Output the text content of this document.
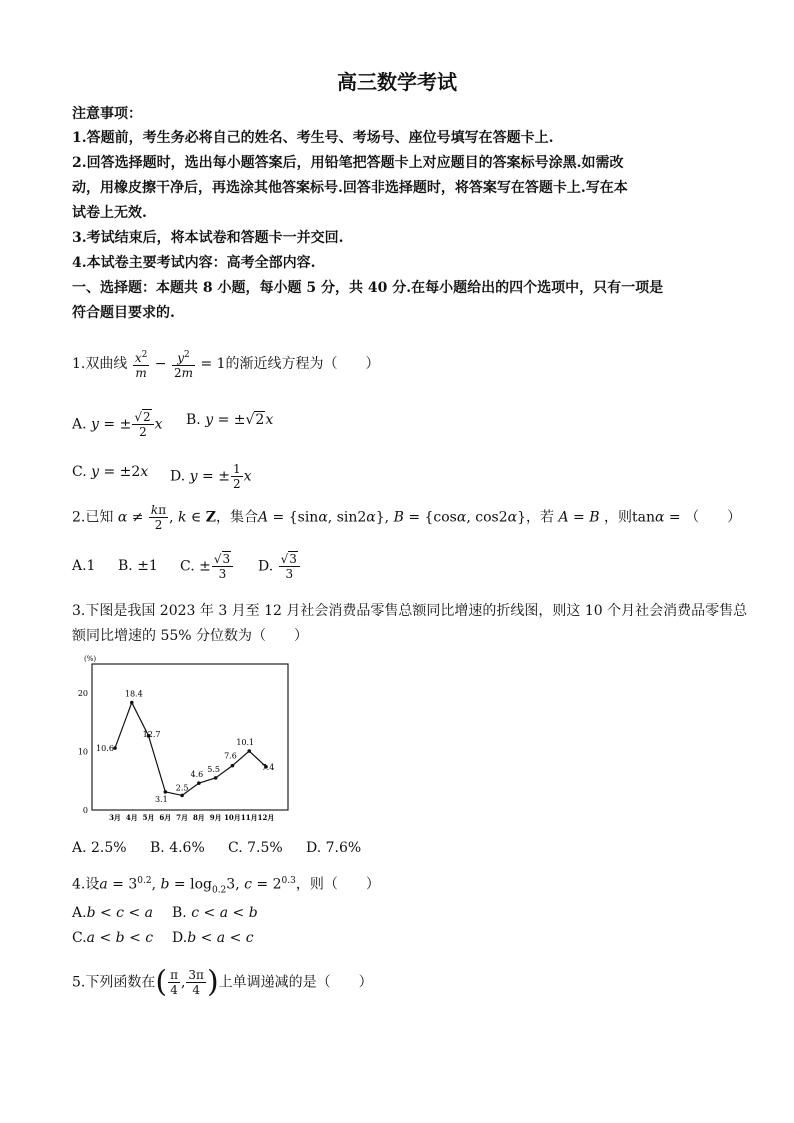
高三数学考试
注意事项：
1.答题前，考生务必将自己的姓名、考生号、考场号、座位号填写在答题卡上.
2.回答选择题时，选出每小题答案后，用铅笔把答题卡上对应题目的答案标号涂黑.如需改
动，用橡皮擦干净后，再选涂其他答案标号.回答非选择题时，将答案写在答题卡上.写在本
试卷上无效.
3.考试结束后，将本试卷和答题卡一并交回.
4.本试卷主要考试内容：高考全部内容.
一、选择题：本题共 8 小题，每小题 5 分，共 40 分.在每小题给出的四个选项中，只有一项是
符合题目要求的.
1.双曲线 $\frac{x^2}{m} - \frac{y^2}{2m} = 1$的渐近线方程为（　　）
A. y = ± $\frac{√2}{2}$ x B. y = ±√2x
C. y = ±2x D. y = ± $\frac{1}{2}$ x
2.已知 $\alpha \ne \frac{k\pi}{2}$ , k ∈ Z，集合A = {sinα, sin2α}, B = {cosα, cos2α}，若 A = B ，则tanα = （　　）
A.1 B. ±1 C. ± $\frac{√3}{3} D$. $\frac{√3}{3}$
3.下图是我国 2023 年 3 月至 12 月社会消费品零售总额同比增速的折线图，则这 10 个月社会消费品零售总
额同比增速的 55% 分位数为（　　）
(%)
0
10
20
3月 4月 5月 6月 7月 8月 9月 10月 11月 12月
10.6
18.4
12.7
3.1
2.5
4.6
5.5
7.6
10.1
7.4
A. 2.5% B. 4.6% C. 7.5% D. 7.6%
4.设$a = 3^{0.2}$, $b = \log_{0.2}3$, $c = 2^{0.3}$，则（　　）
A.b < c < a B. c < a < b
C.a < b < c D.b < a < c
5.下列函数在( $\frac{\pi}{4}$ , $\frac{3\pi}{4}$ )上单调递减的是（　　）
